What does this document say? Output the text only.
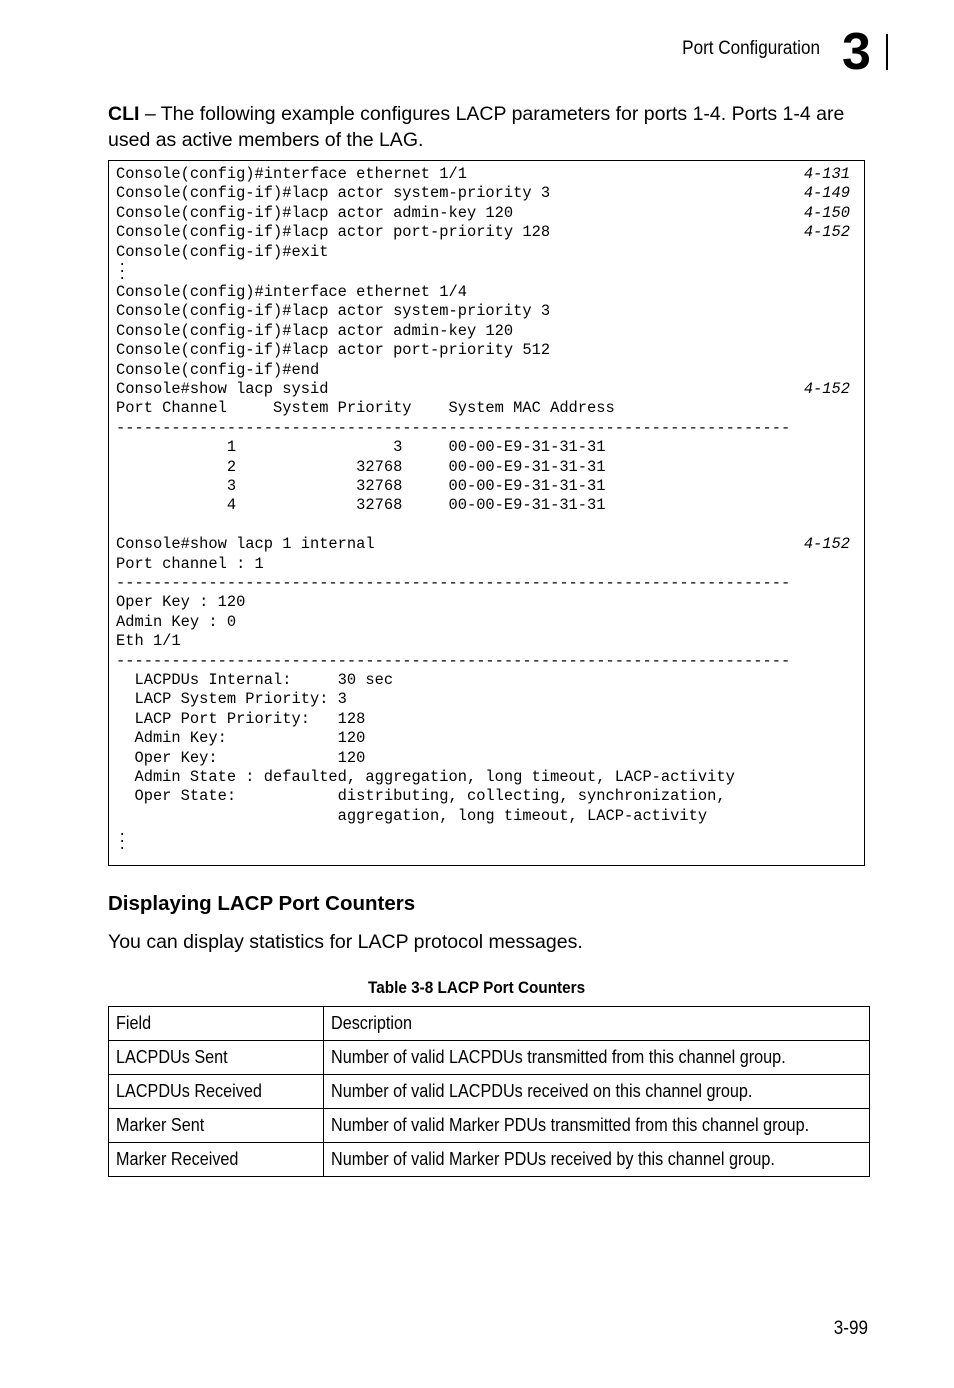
Port Configuration 3
CLI – The following example configures LACP parameters for ports 1-4. Ports 1-4 are used as active members of the LAG.
Console(config)#interface ethernet 1/1	4-131
Console(config-if)#lacp actor system-priority 3	4-149
Console(config-if)#lacp actor admin-key 120	4-150
Console(config-if)#lacp actor port-priority 128	4-152
Console(config-if)#exit
·
·
·
Console(config)#interface ethernet 1/4
Console(config-if)#lacp actor system-priority 3
Console(config-if)#lacp actor admin-key 120
Console(config-if)#lacp actor port-priority 512
Console(config-if)#end
Console#show lacp sysid	4-152
Port Channel     System Priority    System MAC Address
-------------------------------------------------------------------------
1                 3     00-00-E9-31-31-31
2             32768     00-00-E9-31-31-31
3             32768     00-00-E9-31-31-31
4             32768     00-00-E9-31-31-31
Console#show lacp 1 internal	4-152
Port channel : 1
-------------------------------------------------------------------------
Oper Key : 120
Admin Key : 0
Eth 1/1
-------------------------------------------------------------------------
LACPDUs Internal:     30 sec
LACP System Priority: 3
LACP Port Priority:   128
Admin Key:            120
Oper Key:             120
Admin State : defaulted, aggregation, long timeout, LACP-activity
Oper State:           distributing, collecting, synchronization,
aggregation, long timeout, LACP-activity
·
·
·
Displaying LACP Port Counters
You can display statistics for LACP protocol messages.
Table 3-8 LACP Port Counters
Field	Description
LACPDUs Sent	Number of valid LACPDUs transmitted from this channel group.
LACPDUs Received	Number of valid LACPDUs received on this channel group.
Marker Sent	Number of valid Marker PDUs transmitted from this channel group.
Marker Received	Number of valid Marker PDUs received by this channel group.
3-99
